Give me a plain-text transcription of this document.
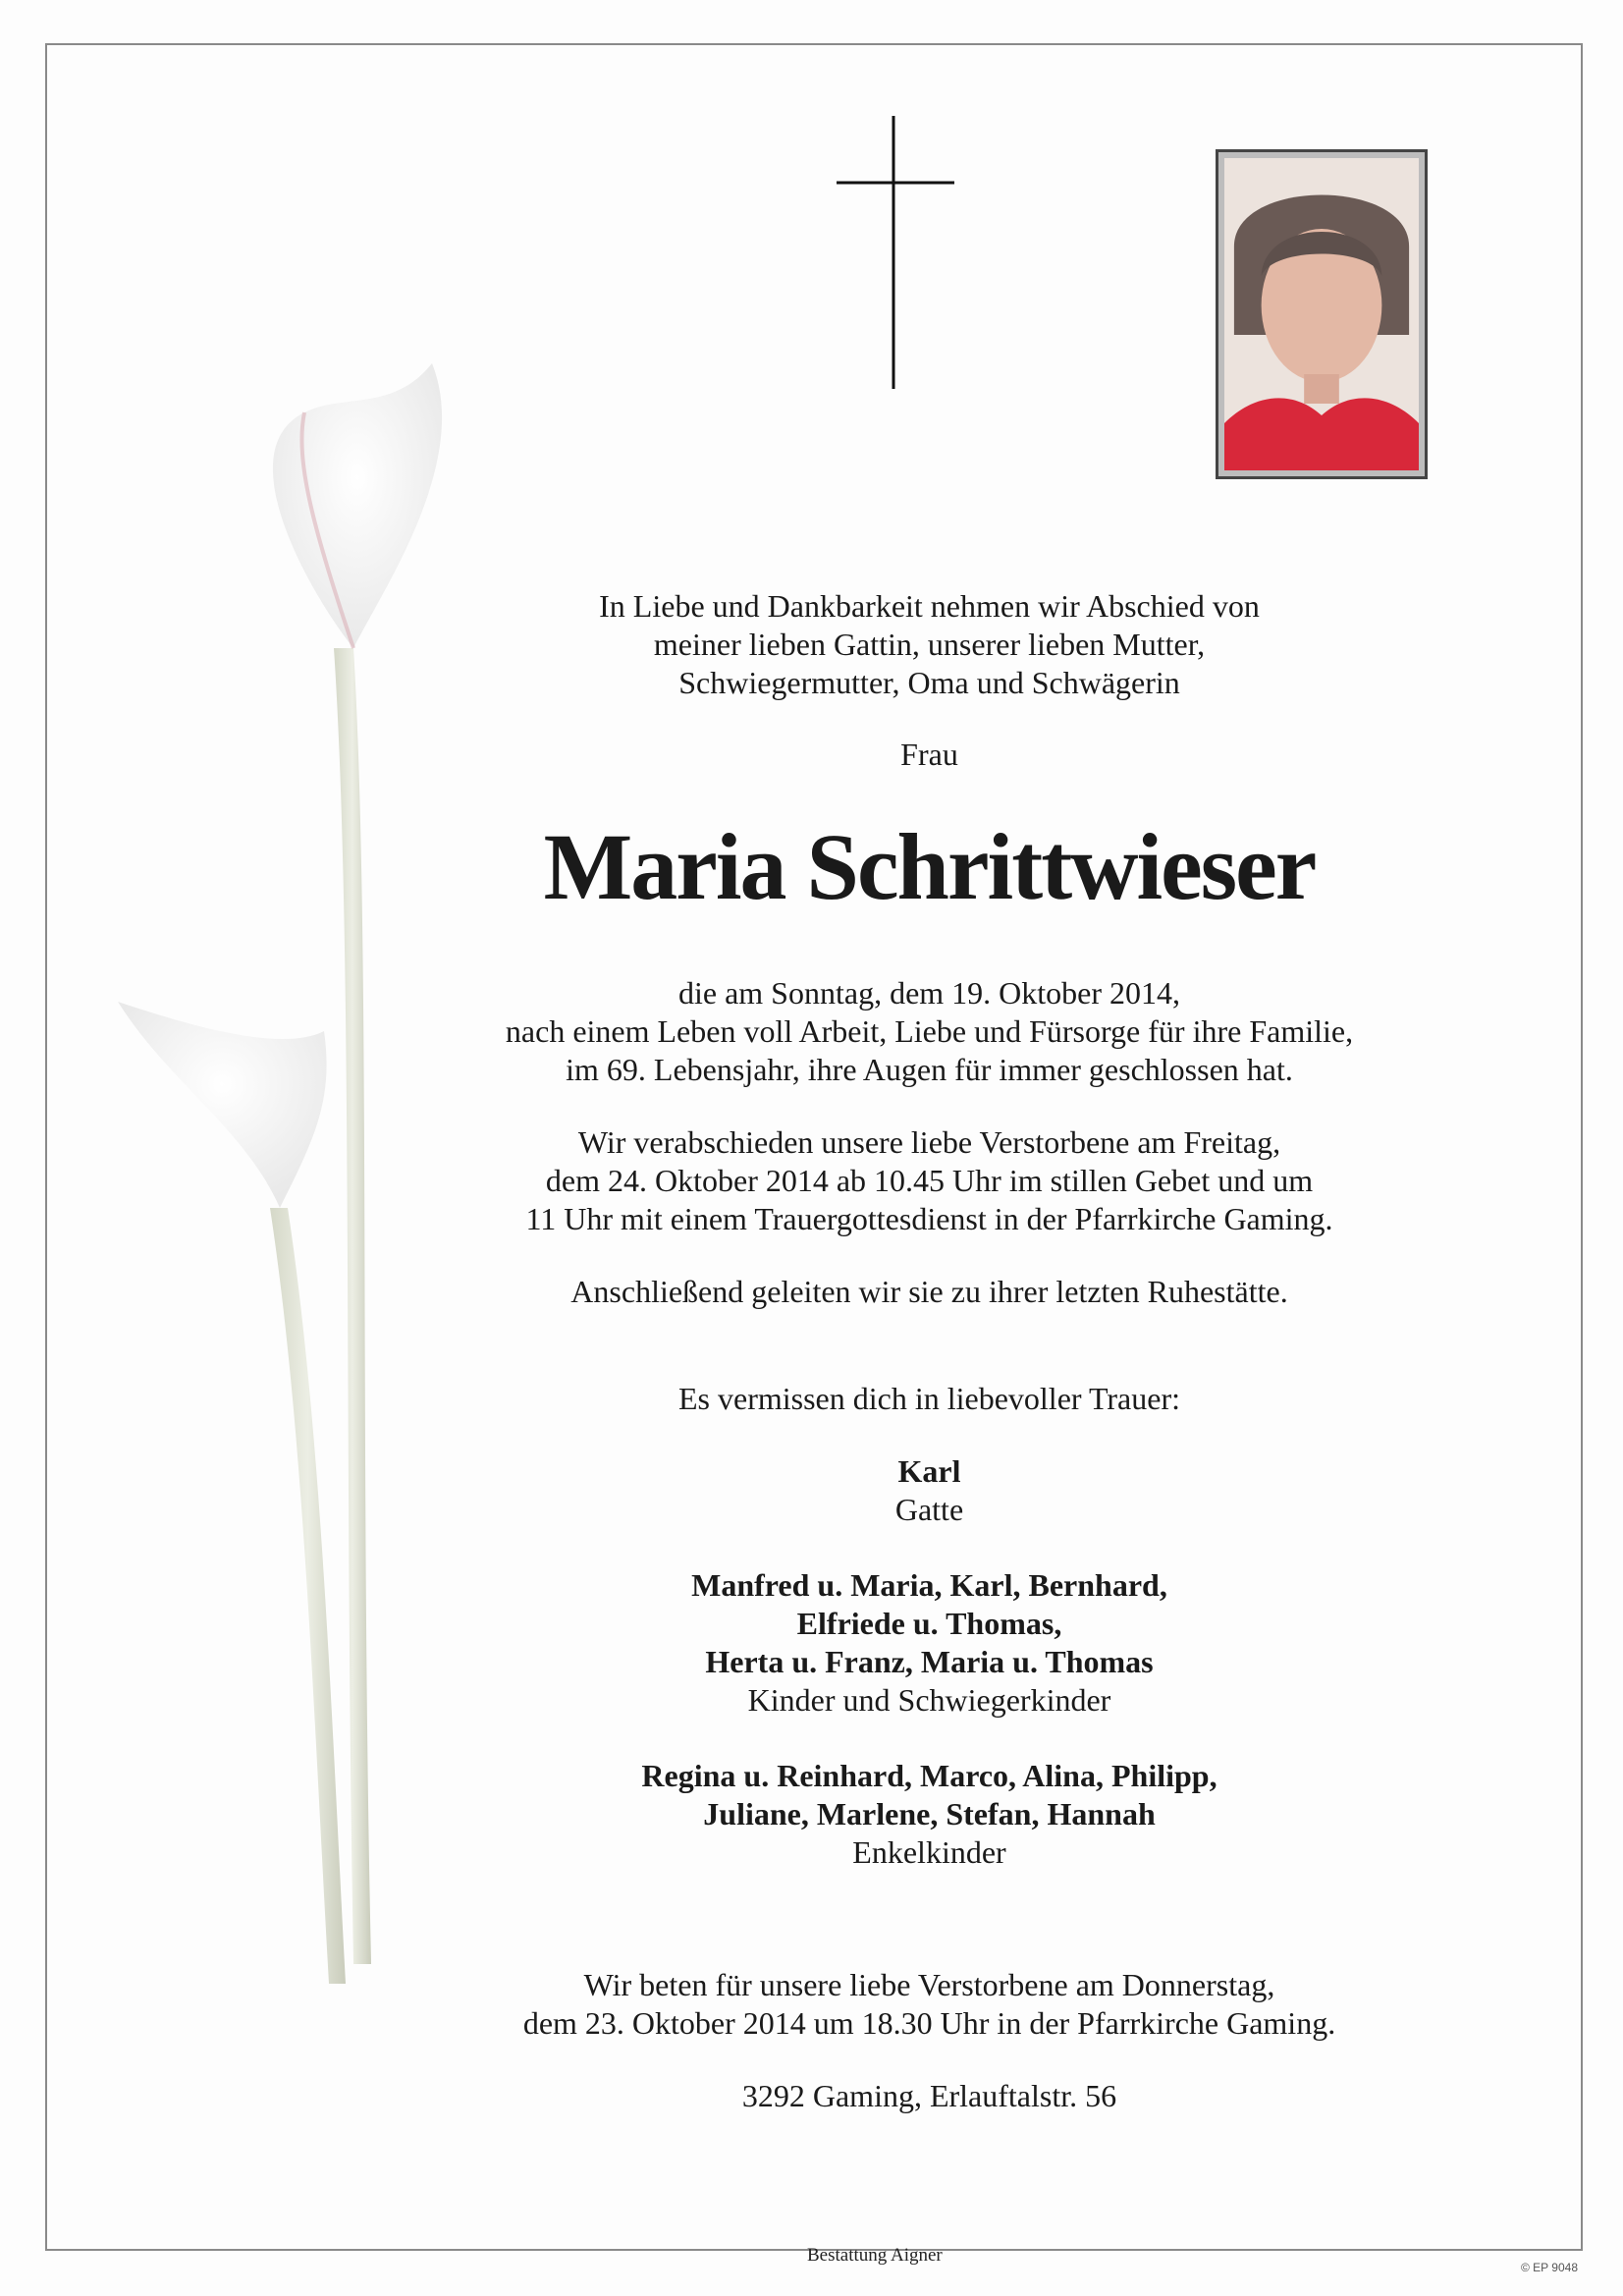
In Liebe und Dankbarkeit nehmen wir Abschied von

meiner lieben Gattin, unserer lieben Mutter,

Schwiegermutter, Oma und Schwägerin

Frau

Maria Schrittwieser

die am Sonntag, dem 19. Oktober 2014,

nach einem Leben voll Arbeit, Liebe und Fürsorge für ihre Familie,

im 69. Lebensjahr, ihre Augen für immer geschlossen hat.

Wir verabschieden unsere liebe Verstorbene am Freitag,

dem 24. Oktober 2014 ab 10.45 Uhr im stillen Gebet und um

11 Uhr mit einem Trauergottesdienst in der Pfarrkirche Gaming.

Anschließend geleiten wir sie zu ihrer letzten Ruhestätte.

Es vermissen dich in liebevoller Trauer:

Karl

Gatte

Manfred u. Maria, Karl, Bernhard,

Elfriede u. Thomas,

Herta u. Franz, Maria u. Thomas

Kinder und Schwiegerkinder

Regina u. Reinhard, Marco, Alina, Philipp,

Juliane, Marlene, Stefan, Hannah

Enkelkinder

Wir beten für unsere liebe Verstorbene am Donnerstag,

dem 23. Oktober 2014 um 18.30 Uhr in der Pfarrkirche Gaming.

3292 Gaming, Erlauftalstr. 56

Bestattung Aigner
© EP 9048
